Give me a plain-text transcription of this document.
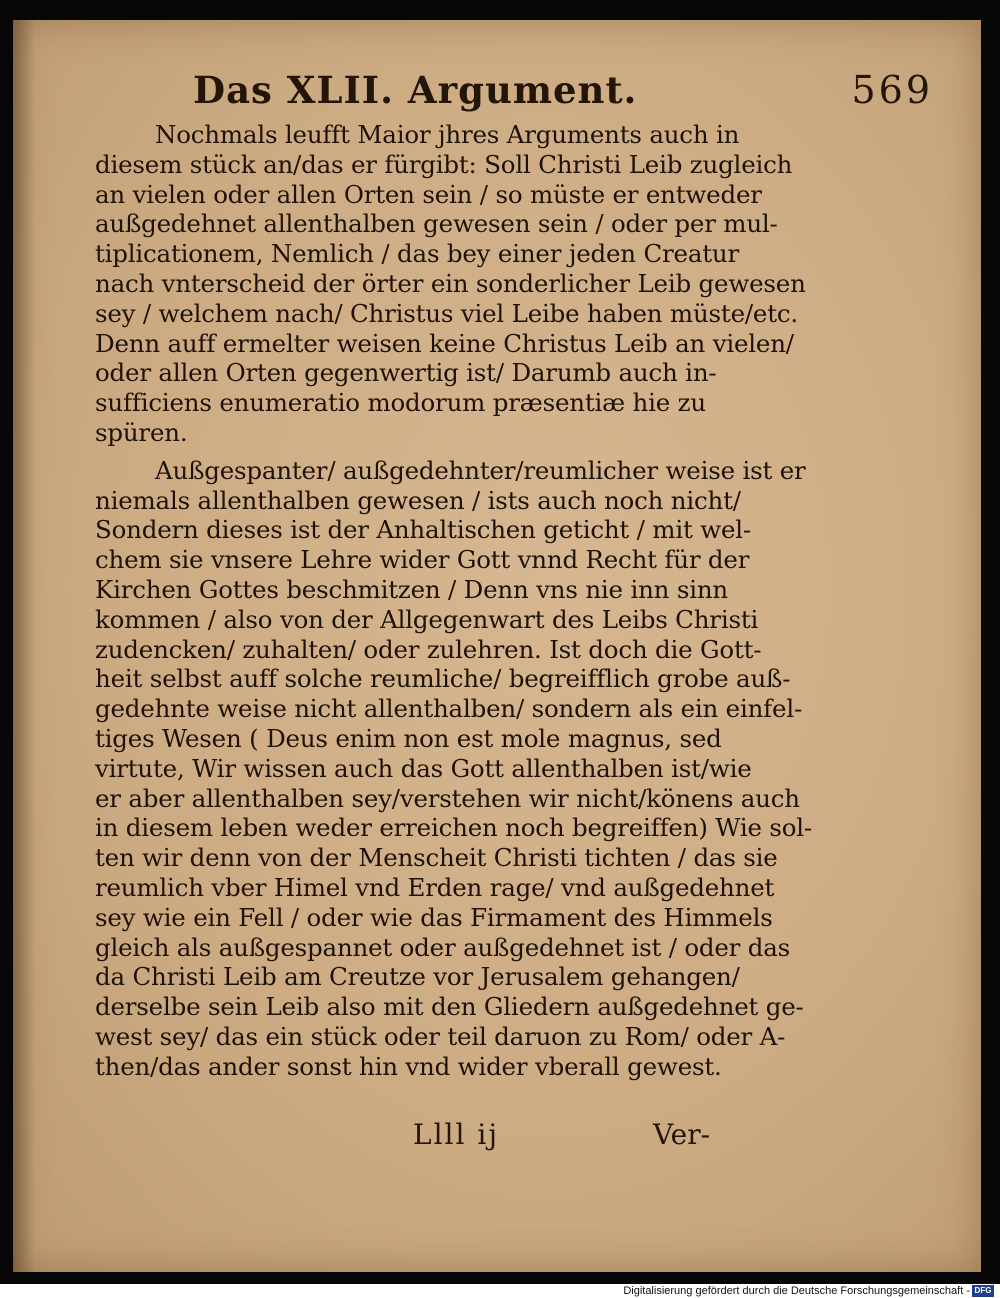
Das XLII. Argument.	569
Nochmals leufft Maior jhres Arguments auch in
diesem stück an/das er fürgibt: Soll Christi Leib zugleich
an vielen oder allen Orten sein / so müste er entweder
außgedehnet allenthalben gewesen sein / oder per mul-
tiplicationem, Nemlich / das bey einer jeden Creatur
nach vnterscheid der örter ein sonderlicher Leib gewesen
sey / welchem nach/ Christus viel Leibe haben müste/etc.
Denn auff ermelter weisen keine Christus Leib an vielen/
oder allen Orten gegenwertig ist/ Darumb auch in-
sufficiens enumeratio modorum præsentiæ hie zu
spüren.
Außgespanter/ außgedehnter/reumlicher weise ist er
niemals allenthalben gewesen / ists auch noch nicht/
Sondern dieses ist der Anhaltischen geticht / mit wel-
chem sie vnsere Lehre wider Gott vnnd Recht für der
Kirchen Gottes beschmitzen / Denn vns nie inn sinn
kommen / also von der Allgegenwart des Leibs Christi
zudencken/ zuhalten/ oder zulehren. Ist doch die Gott-
heit selbst auff solche reumliche/ begreifflich grobe auß-
gedehnte weise nicht allenthalben/ sondern als ein einfel-
tiges Wesen ( Deus enim non est mole magnus, sed
virtute, Wir wissen auch das Gott allenthalben ist/wie
er aber allenthalben sey/verstehen wir nicht/könens auch
in diesem leben weder erreichen noch begreiffen) Wie sol-
ten wir denn von der Menscheit Christi tichten / das sie
reumlich vber Himel vnd Erden rage/ vnd außgedehnet
sey wie ein Fell / oder wie das Firmament des Himmels
gleich als außgespannet oder außgedehnet ist / oder das
da Christi Leib am Creutze vor Jerusalem gehangen/
derselbe sein Leib also mit den Gliedern außgedehnet ge-
west sey/ das ein stück oder teil daruon zu Rom/ oder A-
then/das ander sonst hin vnd wider vberall gewest.
Llll ij	Ver-
Digitalisierung gefördert durch die Deutsche Forschungsgemeinschaft - DFG
